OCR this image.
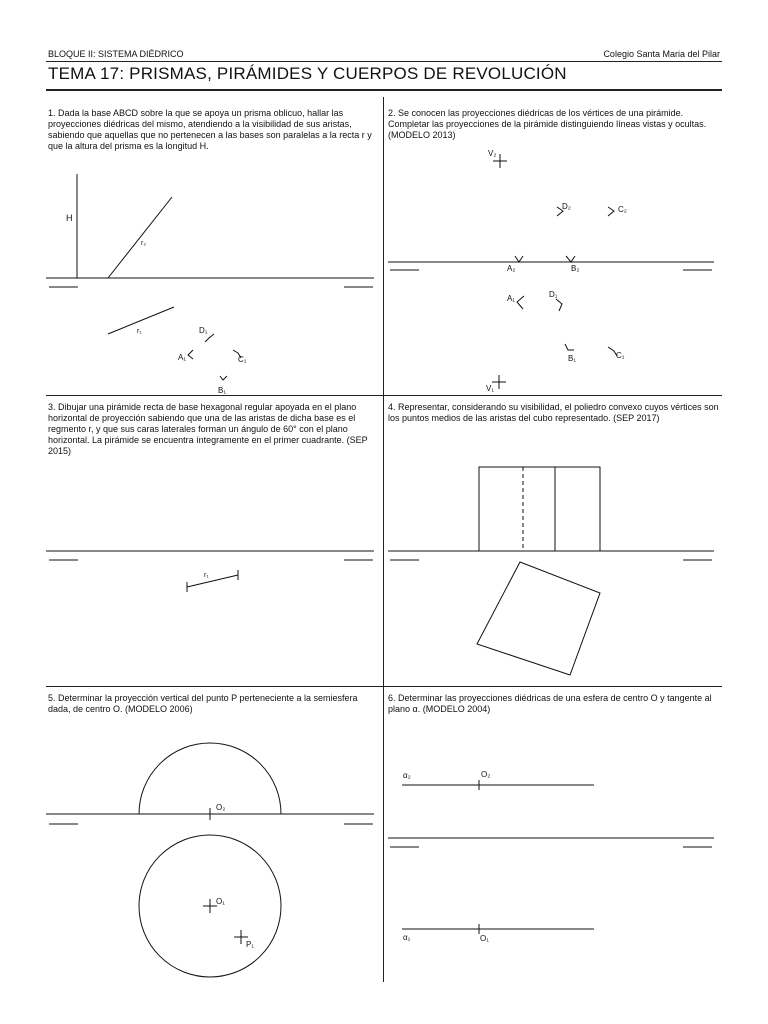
BLOQUE II: SISTEMA DIÉDRICO	Colegio Santa Maria del Pilar
TEMA 17: PRISMAS, PIRÁMIDES Y CUERPOS DE REVOLUCIÓN
1. Dada la base ABCD sobre la que se apoya un prisma oblicuo, hallar las proyecciones diédricas del mismo, atendiendo a la visibilidad de sus aristas, sabiendo que aquellas que no pertenecen a las bases son paralelas a la recta r y que la altura del prisma es la longitud H.
2. Se conocen las proyecciones diédricas de los vértices de una pirámide. Completar las proyecciones de la pirámide distinguiendo líneas vistas y ocultas. (MODELO 2013)
3. Dibujar una pirámide recta de base hexagonal regular apoyada en el plano horizontal de proyección sabiendo que una de las aristas de dicha base es el regmento r, y que sus caras laterales forman un ángulo de 60° con el plano horizontal. La pirámide se encuentra íntegramente en el primer cuadrante. (SEP 2015)
4. Representar, considerando su visibilidad, el poliedro convexo cuyos vértices son los puntos medios de las aristas del cubo representado. (SEP 2017)
5. Determinar la proyección vertical del punto P perteneciente a la semiesfera dada, de centro O. (MODELO 2006)
6. Determinar las proyecciones diédricas de una esfera de centro O y tangente al plano α. (MODELO 2004)
H
r₂
r₁	D₁
A₁	C₁
B₁
V₂
D₂	C₂
A₂	B₂
A₁	D₁
B₁	C₁
V₁
r₁
O₂
O₁
P₁
α₂	O₂
α₁	O₁
